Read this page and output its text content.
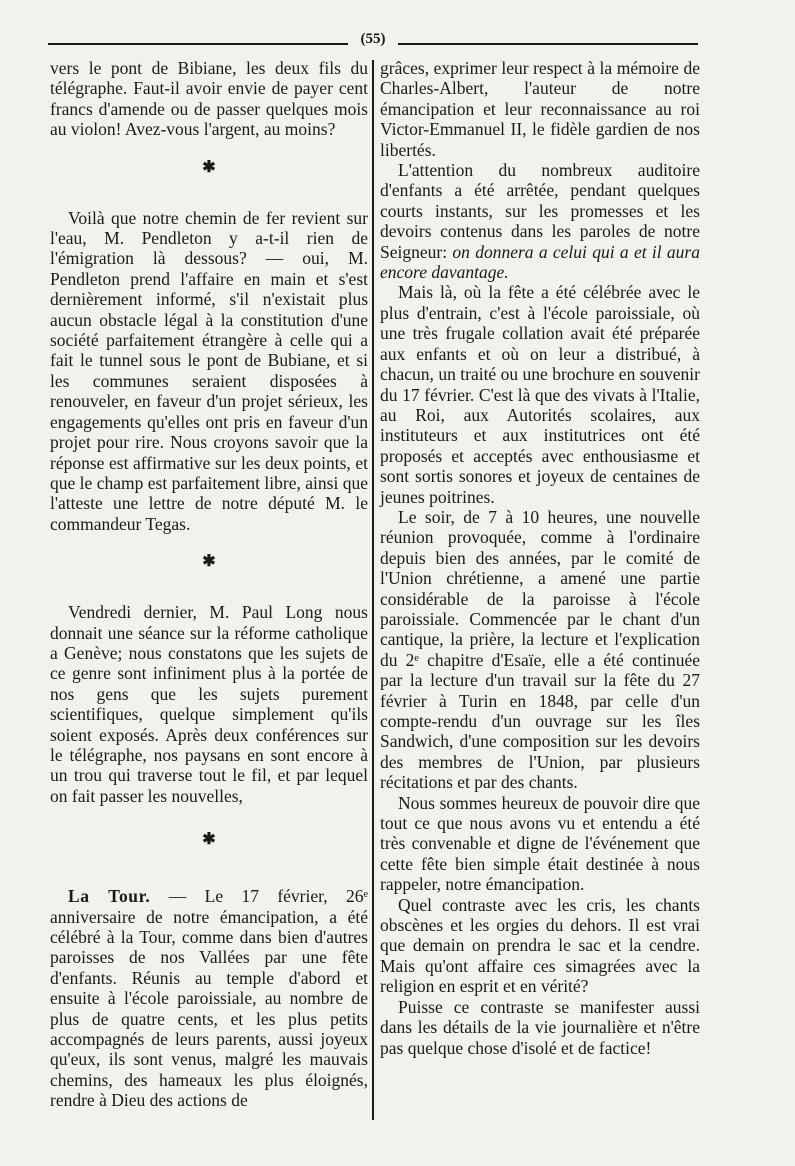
(55)

vers le pont de Bibiane, les deux fils du télégraphe. Faut-il avoir envie de payer cent francs d'amende ou de passer quelques mois au violon! Avez-vous l'argent, au moins?

✱

Voilà que notre chemin de fer revient sur l'eau, M. Pendleton y a-t-il rien de l'émigration là dessous? — oui, M. Pendleton prend l'affaire en main et s'est dernièrement informé, s'il n'existait plus aucun obstacle légal à la constitution d'une société parfaitement étrangère à celle qui a fait le tunnel sous le pont de Bubiane, et si les communes seraient disposées à renouveler, en faveur d'un projet sérieux, les engagements qu'elles ont pris en faveur d'un projet pour rire. Nous croyons savoir que la réponse est affirmative sur les deux points, et que le champ est parfaitement libre, ainsi que l'atteste une lettre de notre député M. le commandeur Tegas.

✱

Vendredi dernier, M. Paul Long nous donnait une séance sur la réforme catholique a Genève; nous constatons que les sujets de ce genre sont infiniment plus à la portée de nos gens que les sujets purement scientifiques, quelque simplement qu'ils soient exposés. Après deux conférences sur le télégraphe, nos paysans en sont encore à un trou qui traverse tout le fil, et par lequel on fait passer les nouvelles,

✱

La Tour. — Le 17 février, 26ᵉ anniversaire de notre émancipation, a été célébré à la Tour, comme dans bien d'autres paroisses de nos Vallées par une fête d'enfants. Réunis au temple d'abord et ensuite à l'école paroissiale, au nombre de plus de quatre cents, et les plus petits accompagnés de leurs parents, aussi joyeux qu'eux, ils sont venus, malgré les mauvais chemins, des hameaux les plus éloignés, rendre à Dieu des actions de

grâces, exprimer leur respect à la mémoire de Charles-Albert, l'auteur de notre émancipation et leur reconnaissance au roi Victor-Emmanuel II, le fidèle gardien de nos libertés.

L'attention du nombreux auditoire d'enfants a été arrêtée, pendant quelques courts instants, sur les promesses et les devoirs contenus dans les paroles de notre Seigneur: on donnera a celui qui a et il aura encore davantage.

Mais là, où la fête a été célébrée avec le plus d'entrain, c'est à l'école paroissiale, où une très frugale collation avait été préparée aux enfants et où on leur a distribué, à chacun, un traité ou une brochure en souvenir du 17 février. C'est là que des vivats à l'Italie, au Roi, aux Autorités scolaires, aux instituteurs et aux institutrices ont été proposés et acceptés avec enthousiasme et sont sortis sonores et joyeux de centaines de jeunes poitrines.

Le soir, de 7 à 10 heures, une nouvelle réunion provoquée, comme à l'ordinaire depuis bien des années, par le comité de l'Union chrétienne, a amené une partie considérable de la paroisse à l'école paroissiale. Commencée par le chant d'un cantique, la prière, la lecture et l'explication du 2ᵉ chapitre d'Esaïe, elle a été continuée par la lecture d'un travail sur la fête du 27 février à Turin en 1848, par celle d'un compte-rendu d'un ouvrage sur les îles Sandwich, d'une composition sur les devoirs des membres de l'Union, par plusieurs récitations et par des chants.

Nous sommes heureux de pouvoir dire que tout ce que nous avons vu et entendu a été très convenable et digne de l'événement que cette fête bien simple était destinée à nous rappeler, notre émancipation.

Quel contraste avec les cris, les chants obscènes et les orgies du dehors. Il est vrai que demain on prendra le sac et la cendre. Mais qu'ont affaire ces simagrées avec la religion en esprit et en vérité?

Puisse ce contraste se manifester aussi dans les détails de la vie journalière et n'être pas quelque chose d'isolé et de factice!
